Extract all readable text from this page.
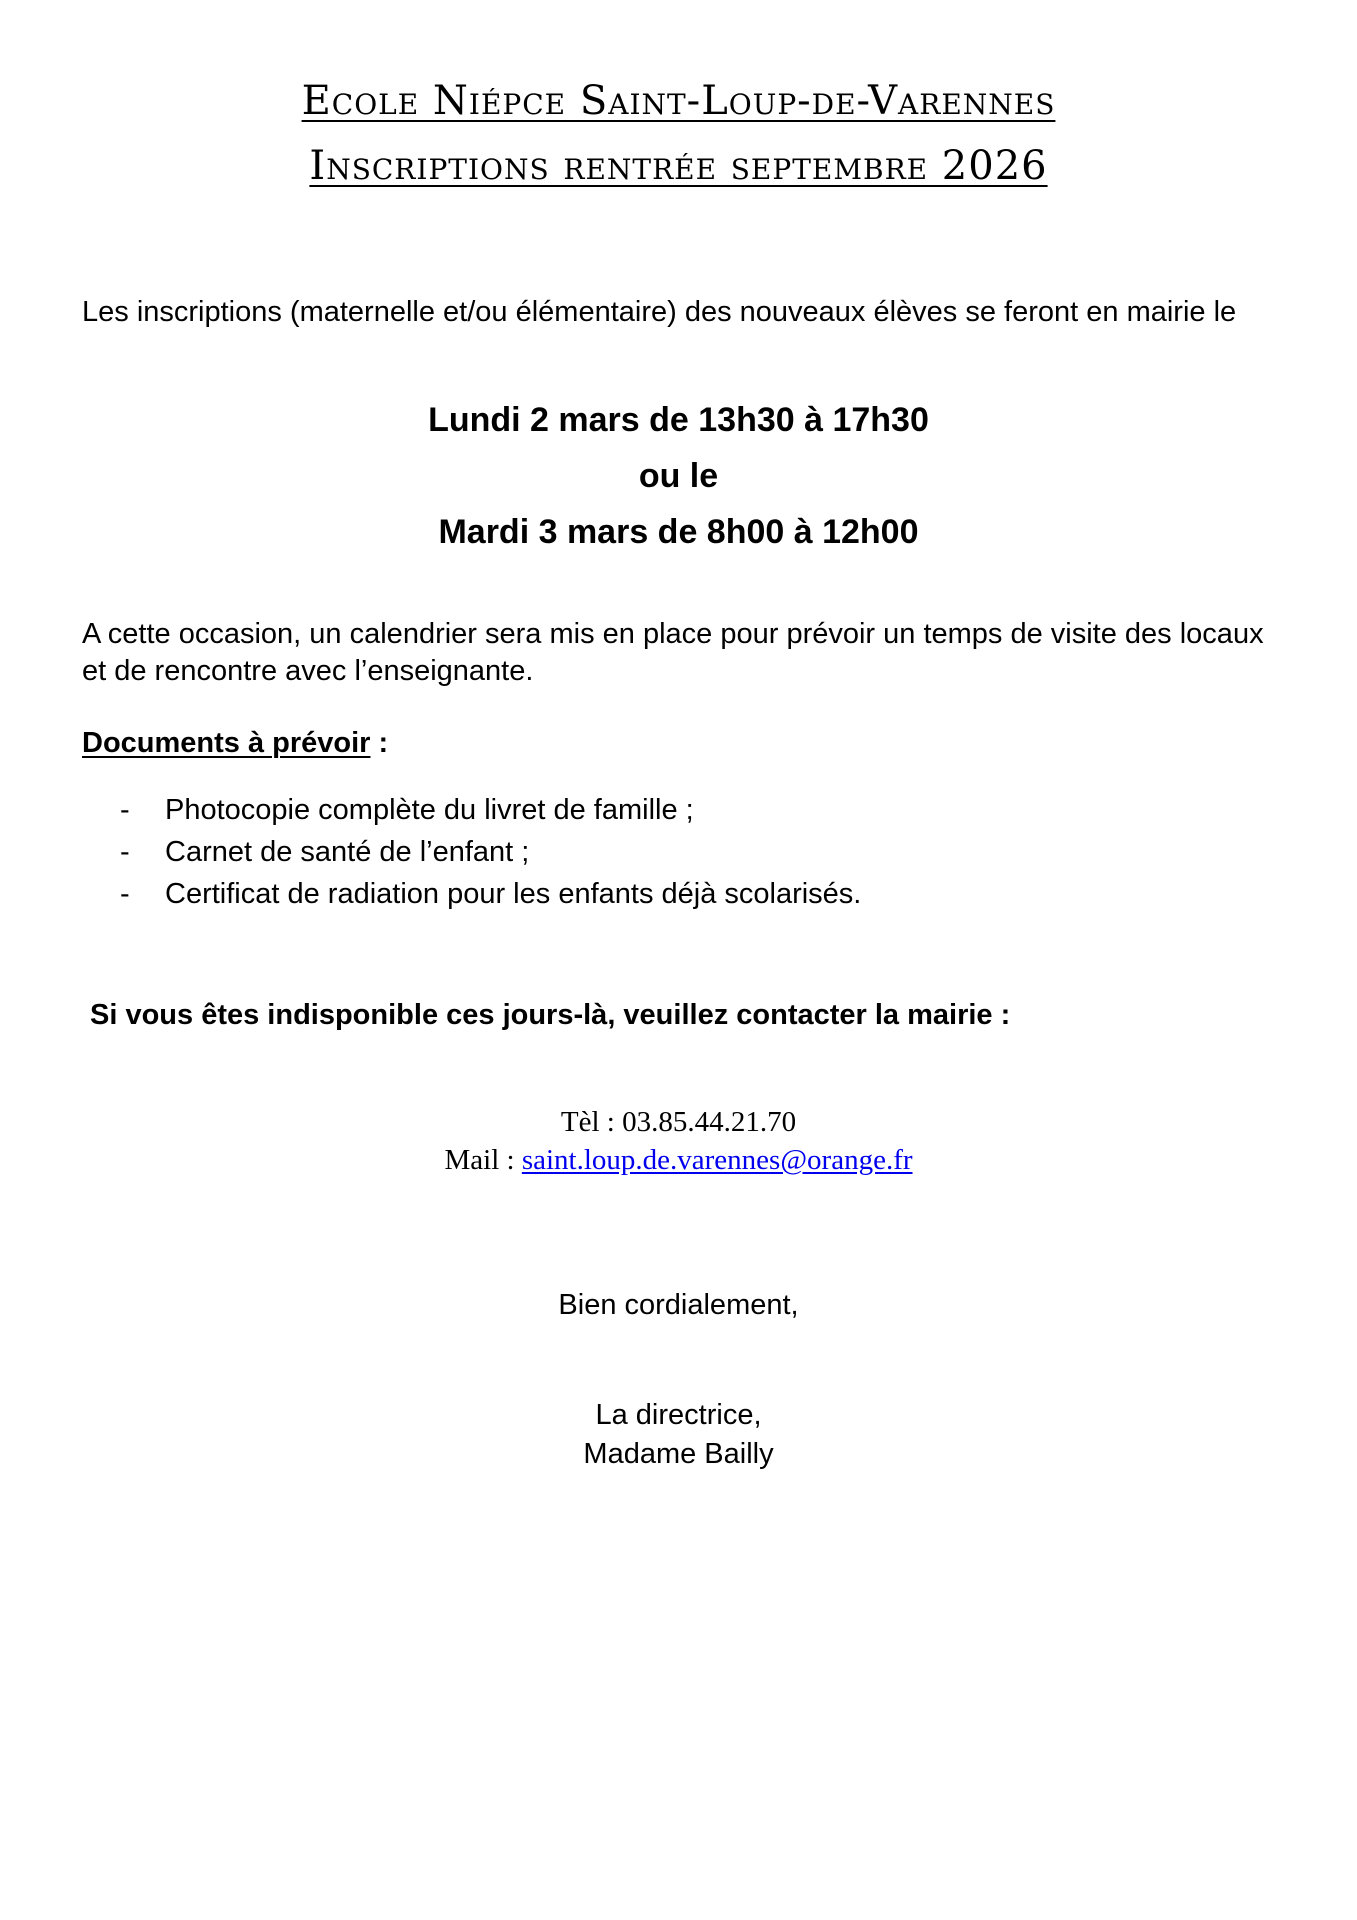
Ecole Niépce Saint-Loup-de-Varennes
Inscriptions rentrée septembre 2026
Les inscriptions (maternelle et/ou élémentaire) des nouveaux élèves se feront en mairie le
Lundi 2 mars de 13h30 à 17h30
ou le
Mardi 3 mars de 8h00 à 12h00
A cette occasion, un calendrier sera mis en place pour prévoir un temps de visite des locaux et de rencontre avec l’enseignante.
Documents à prévoir :
- Photocopie complète du livret de famille ;
- Carnet de santé de l’enfant ;
- Certificat de radiation pour les enfants déjà scolarisés.
Si vous êtes indisponible ces jours-là, veuillez contacter la mairie :
Tèl : 03.85.44.21.70
Mail : saint.loup.de.varennes@orange.fr
Bien cordialement,
La directrice,
Madame Bailly
